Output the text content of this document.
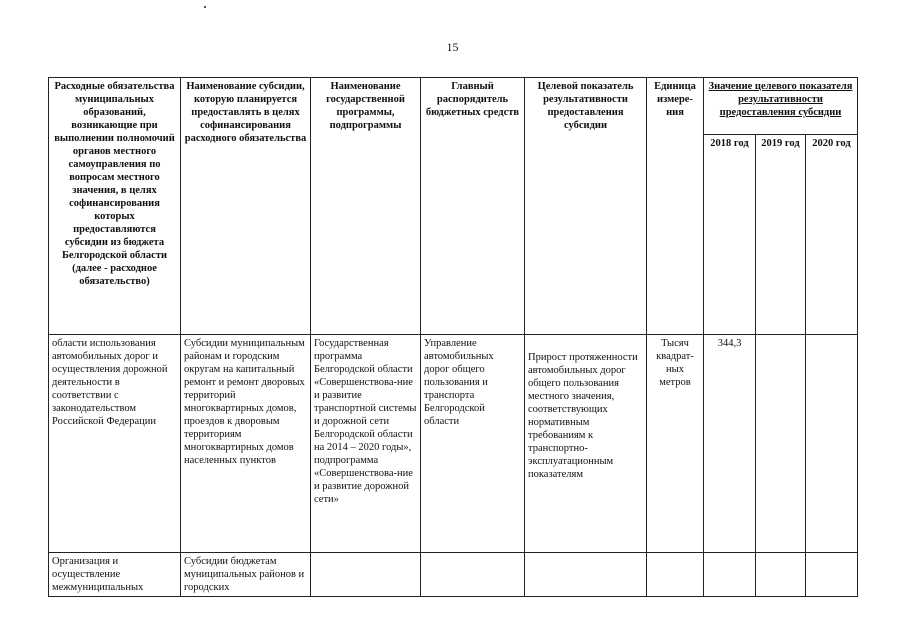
15
Расходные обязательства муниципальных образований, возникающие при выполнении полномочий органов местного самоуправления по вопросам местного значения, в целях софинансирования которых предоставляются субсидии из бюджета Белгородской области (далее - расходное обязательство)	Наименование субсидии, которую планируется предоставлять в целях софинансирования расходного обязательства	Наименование государственной программы, подпрограммы	Главный распорядитель бюджетных средств	Целевой показатель результативности предоставления субсидии	Единица измере-ния	Значение целевого показателя результативности предоставления субсидии		
						2018 год	2019 год	2020 год
области использования автомобильных дорог и осуществления дорожной деятельности в соответствии с законодательством Российской Федерации	Субсидии муниципальным районам и городским округам на капитальный ремонт и ремонт дворовых территорий многоквартирных домов, проездов к дворовым территориям многоквартирных домов населенных пунктов	Государственная программа Белгородской области «Совершенствова-ние и развитие транспортной системы и дорожной сети Белгородской области на 2014 – 2020 годы», подпрограмма «Совершенствова-ние и развитие дорожной сети»	Управление автомобильных дорог общего пользования и транспорта Белгородской области	Прирост протяженности автомобильных дорог общего пользования местного значения, соответствующих нормативным требованиям к транспортно-эксплуатационным показателям	Тысяч квадрат-ных метров	344,3		
Организация и осуществление межмуниципальных	Субсидии бюджетам муниципальных районов и городских							
